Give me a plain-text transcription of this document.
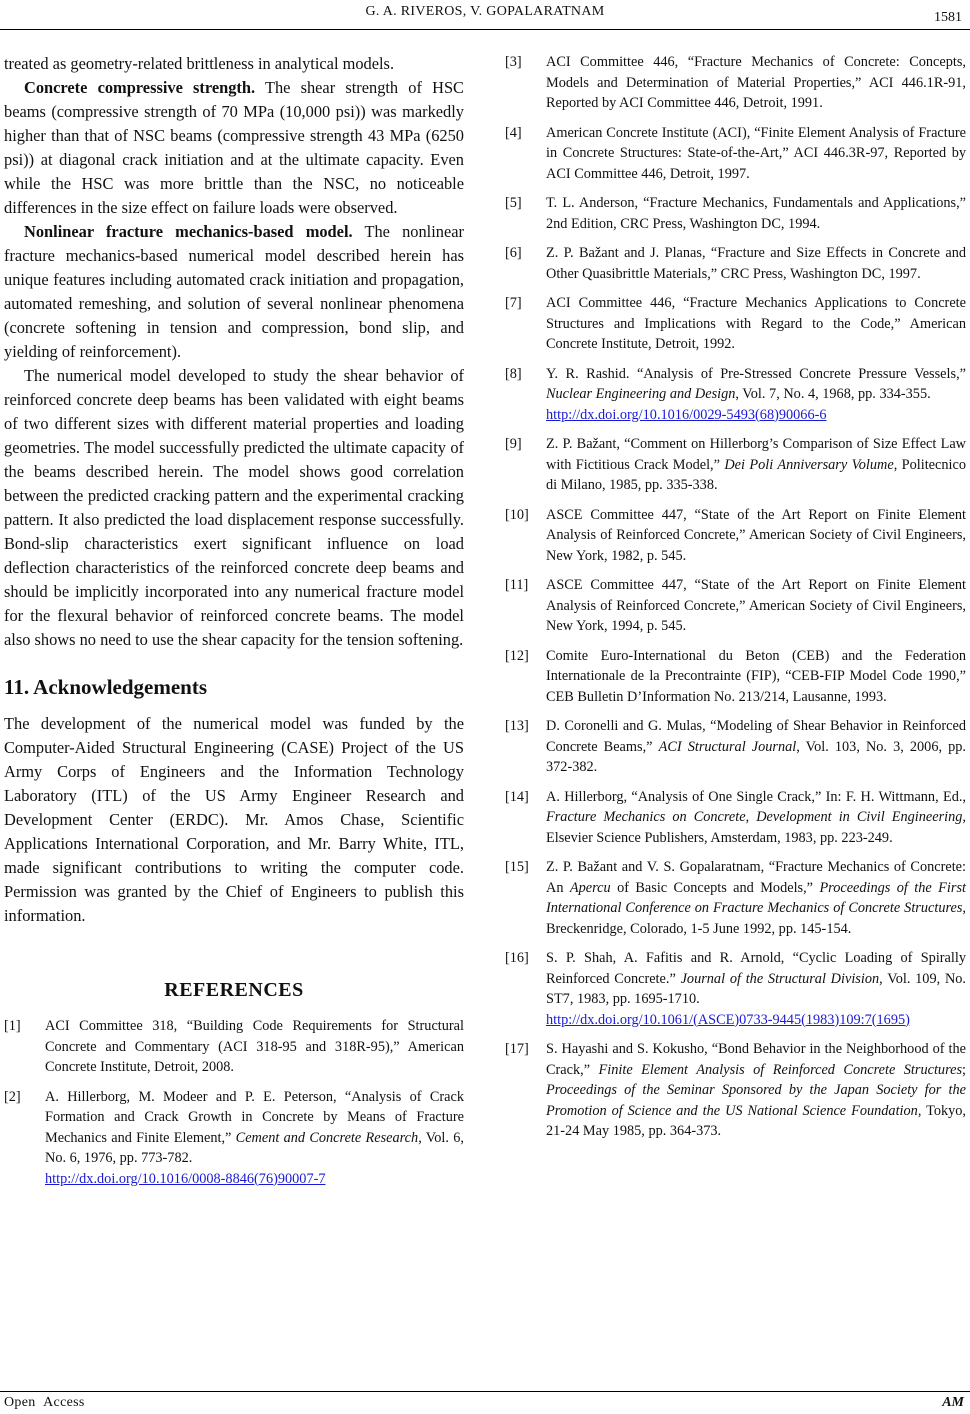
G. A. RIVEROS, V. GOPALARATNAM	1581

treated as geometry-related brittleness in analytical models.

Concrete compressive strength. The shear strength of HSC beams (compressive strength of 70 MPa (10,000 psi)) was markedly higher than that of NSC beams (compressive strength 43 MPa (6250 psi)) at diagonal crack initiation and at the ultimate capacity. Even while the HSC was more brittle than the NSC, no noticeable differences in the size effect on failure loads were observed.

Nonlinear fracture mechanics-based model. The nonlinear fracture mechanics-based numerical model described herein has unique features including automated crack initiation and propagation, automated remeshing, and solution of several nonlinear phenomena (concrete softening in tension and compression, bond slip, and yielding of reinforcement).

The numerical model developed to study the shear behavior of reinforced concrete deep beams has been validated with eight beams of two different sizes with different material properties and loading geometries. The model successfully predicted the ultimate capacity of the beams described herein. The model shows good correlation between the predicted cracking pattern and the experimental cracking pattern. It also predicted the load displacement response successfully. Bond-slip characteristics exert significant influence on load deflection characteristics of the reinforced concrete deep beams and should be implicitly incorporated into any numerical fracture model for the flexural behavior of reinforced concrete beams. The model also shows no need to use the shear capacity for the tension softening.

11. Acknowledgements

The development of the numerical model was funded by the Computer-Aided Structural Engineering (CASE) Project of the US Army Corps of Engineers and the Information Technology Laboratory (ITL) of the US Army Engineer Research and Development Center (ERDC). Mr. Amos Chase, Scientific Applications International Corporation, and Mr. Barry White, ITL, made significant contributions to writing the computer code. Permission was granted by the Chief of Engineers to publish this information.

REFERENCES
[1]	ACI Committee 318, “Building Code Requirements for Structural Concrete and Commentary (ACI 318-95 and 318R-95),” American Concrete Institute, Detroit, 2008.
[2]	A. Hillerborg, M. Modeer and P. E. Peterson, “Analysis of Crack Formation and Crack Growth in Concrete by Means of Fracture Mechanics and Finite Element,” Cement and Concrete Research, Vol. 6, No. 6, 1976, pp. 773-782.
http://dx.doi.org/10.1016/0008-8846(76)90007-7
[3]	ACI Committee 446, “Fracture Mechanics of Concrete: Concepts, Models and Determination of Material Properties,” ACI 446.1R-91, Reported by ACI Committee 446, Detroit, 1991.
[4]	American Concrete Institute (ACI), “Finite Element Analysis of Fracture in Concrete Structures: State-of-the-Art,” ACI 446.3R-97, Reported by ACI Committee 446, Detroit, 1997.
[5]	T. L. Anderson, “Fracture Mechanics, Fundamentals and Applications,” 2nd Edition, CRC Press, Washington DC, 1994.
[6]	Z. P. Bažant and J. Planas, “Fracture and Size Effects in Concrete and Other Quasibrittle Materials,” CRC Press, Washington DC, 1997.
[7]	ACI Committee 446, “Fracture Mechanics Applications to Concrete Structures and Implications with Regard to the Code,” American Concrete Institute, Detroit, 1992.
[8]	Y. R. Rashid. “Analysis of Pre-Stressed Concrete Pressure Vessels,” Nuclear Engineering and Design, Vol. 7, No. 4, 1968, pp. 334-355.
http://dx.doi.org/10.1016/0029-5493(68)90066-6
[9]	Z. P. Bažant, “Comment on Hillerborg’s Comparison of Size Effect Law with Fictitious Crack Model,” Dei Poli Anniversary Volume, Politecnico di Milano, 1985, pp. 335-338.
[10]	ASCE Committee 447, “State of the Art Report on Finite Element Analysis of Reinforced Concrete,” American Society of Civil Engineers, New York, 1982, p. 545.
[11]	ASCE Committee 447, “State of the Art Report on Finite Element Analysis of Reinforced Concrete,” American Society of Civil Engineers, New York, 1994, p. 545.
[12]	Comite Euro-International du Beton (CEB) and the Federation Internationale de la Precontrainte (FIP), “CEB-FIP Model Code 1990,” CEB Bulletin D’Information No. 213/214, Lausanne, 1993.
[13]	D. Coronelli and G. Mulas, “Modeling of Shear Behavior in Reinforced Concrete Beams,” ACI Structural Journal, Vol. 103, No. 3, 2006, pp. 372-382.
[14]	A. Hillerborg, “Analysis of One Single Crack,” In: F. H. Wittmann, Ed., Fracture Mechanics on Concrete, Development in Civil Engineering, Elsevier Science Publishers, Amsterdam, 1983, pp. 223-249.
[15]	Z. P. Bažant and V. S. Gopalaratnam, “Fracture Mechanics of Concrete: An Apercu of Basic Concepts and Models,” Proceedings of the First International Conference on Fracture Mechanics of Concrete Structures, Breckenridge, Colorado, 1-5 June 1992, pp. 145-154.
[16]	S. P. Shah, A. Fafitis and R. Arnold, “Cyclic Loading of Spirally Reinforced Concrete.” Journal of the Structural Division, Vol. 109, No. ST7, 1983, pp. 1695-1710.
http://dx.doi.org/10.1061/(ASCE)0733-9445(1983)109:7(1695)
[17]	S. Hayashi and S. Kokusho, “Bond Behavior in the Neighborhood of the Crack,” Finite Element Analysis of Reinforced Concrete Structures; Proceedings of the Seminar Sponsored by the Japan Society for the Promotion of Science and the US National Science Foundation, Tokyo, 21-24 May 1985, pp. 364-373.
Open Access	AM
